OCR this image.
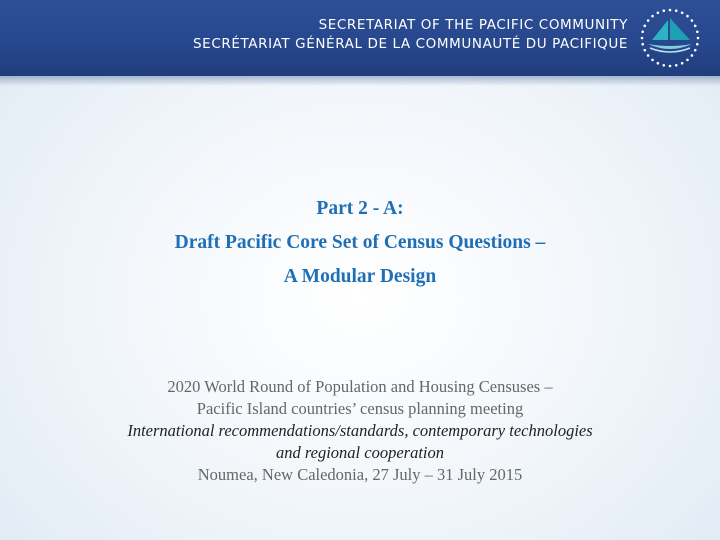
SECRETARIAT OF THE PACIFIC COMMUNITY
SECRÉTARIAT GÉNÉRAL DE LA COMMUNAUTÉ DU PACIFIQUE
Part 2 - A:
Draft Pacific Core Set of Census Questions –
A Modular Design
2020 World Round of Population and Housing Censuses –
Pacific Island countries’ census planning meeting
International recommendations/standards, contemporary technologies
and regional cooperation
Noumea, New Caledonia, 27 July – 31 July 2015
